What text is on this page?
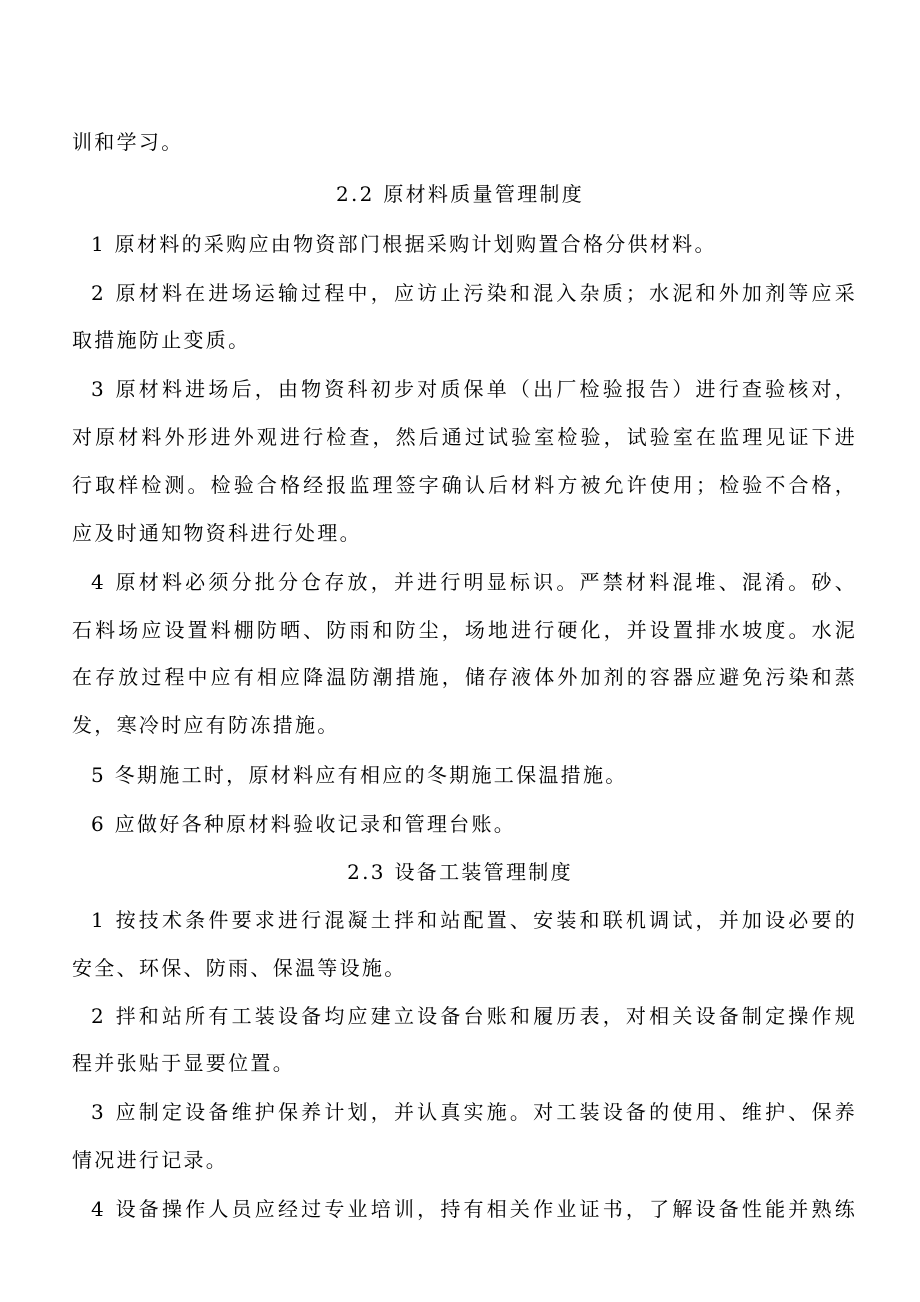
训和学习。
2.2 原材料质量管理制度
1 原材料的采购应由物资部门根据采购计划购置合格分供材料。
2 原材料在进场运输过程中，应访止污染和混入杂质；水泥和外加剂等应采
取措施防止变质。
3 原材料进场后，由物资科初步对质保单（出厂检验报告）进行查验核对，
对原材料外形进外观进行检查，然后通过试验室检验，试验室在监理见证下进
行取样检测。检验合格经报监理签字确认后材料方被允许使用；检验不合格，
应及时通知物资科进行处理。
4 原材料必须分批分仓存放，并进行明显标识。严禁材料混堆、混淆。砂、
石料场应设置料棚防晒、防雨和防尘，场地进行硬化，并设置排水坡度。水泥
在存放过程中应有相应降温防潮措施，储存液体外加剂的容器应避免污染和蒸
发，寒冷时应有防冻措施。
5 冬期施工时，原材料应有相应的冬期施工保温措施。
6 应做好各种原材料验收记录和管理台账。
2.3 设备工装管理制度
1 按技术条件要求进行混凝土拌和站配置、安装和联机调试，并加设必要的
安全、环保、防雨、保温等设施。
2 拌和站所有工装设备均应建立设备台账和履历表，对相关设备制定操作规
程并张贴于显要位置。
3 应制定设备维护保养计划，并认真实施。对工装设备的使用、维护、保养
情况进行记录。
4 设备操作人员应经过专业培训，持有相关作业证书，了解设备性能并熟练
